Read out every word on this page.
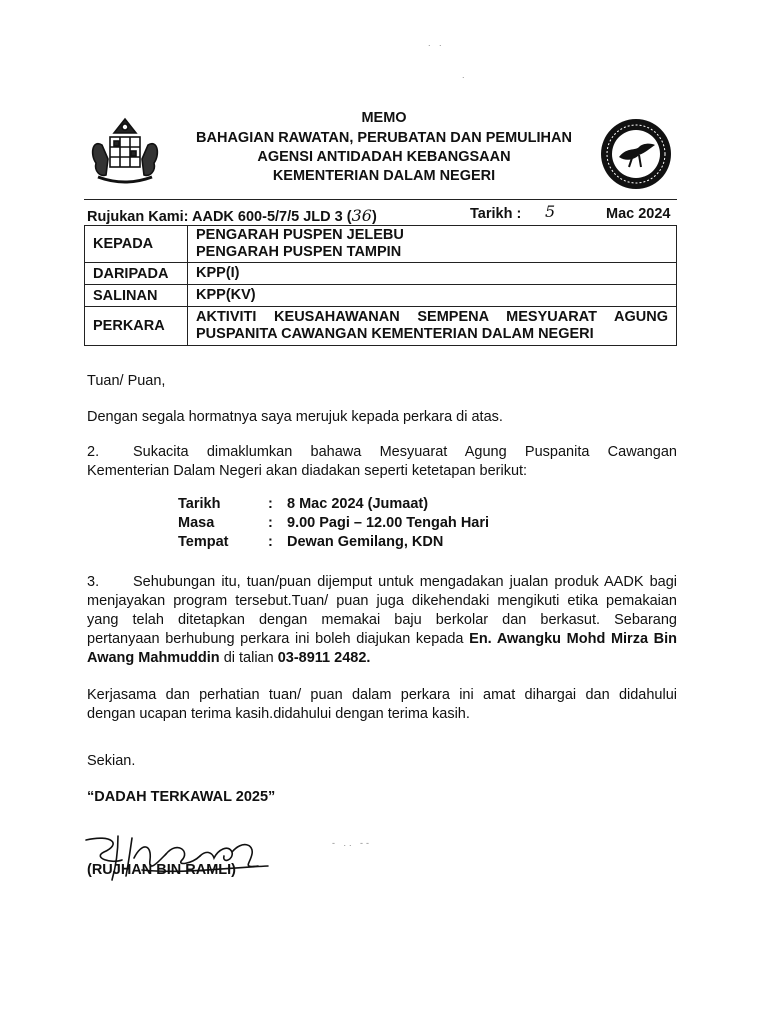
. .
.
- .. --
MEMO
BAHAGIAN RAWATAN, PERUBATAN DAN PEMULIHAN
AGENSI ANTIDADAH KEBANGSAAN
KEMENTERIAN DALAM NEGERI
Rujukan Kami: AADK 600-5/7/5 JLD 3 (36)	Tarikh : 5	Mac 2024
KEPADA	PENGARAH PUSPEN JELEBU
PENGARAH PUSPEN TAMPIN

DARIPADA	KPP(I)
SALINAN	KPP(KV)
PERKARA	AKTIVITI KEUSAHAWANAN SEMPENA MESYUARAT AGUNG
PUSPANITA CAWANGAN KEMENTERIAN DALAM NEGERI
Tuan/ Puan,
Dengan segala hormatnya saya merujuk kepada perkara di atas.
2. Sukacita dimaklumkan bahawa Mesyuarat Agung Puspanita Cawangan
Kementerian Dalam Negeri akan diadakan seperti ketetapan berikut:
Tarikh	: 8 Mac 2024 (Jumaat)
Masa	: 9.00 Pagi – 12.00 Tengah Hari
Tempat	: Dewan Gemilang, KDN
3. Sehubungan itu, tuan/puan dijemput untuk mengadakan jualan produk AADK bagi
menjayakan program tersebut.Tuan/ puan juga dikehendaki mengikuti etika pemakaian
yang telah ditetapkan dengan memakai baju berkolar dan berkasut. Sebarang
pertanyaan berhubung perkara ini boleh diajukan kepada En. Awangku Mohd Mirza Bin
Awang Mahmuddin di talian 03-8911 2482.
Kerjasama dan perhatian tuan/ puan dalam perkara ini amat dihargai dan didahului
dengan ucapan terima kasih.didahului dengan terima kasih.
Sekian.
“DADAH TERKAWAL 2025”
(RUJHAN BIN RAMLI)
